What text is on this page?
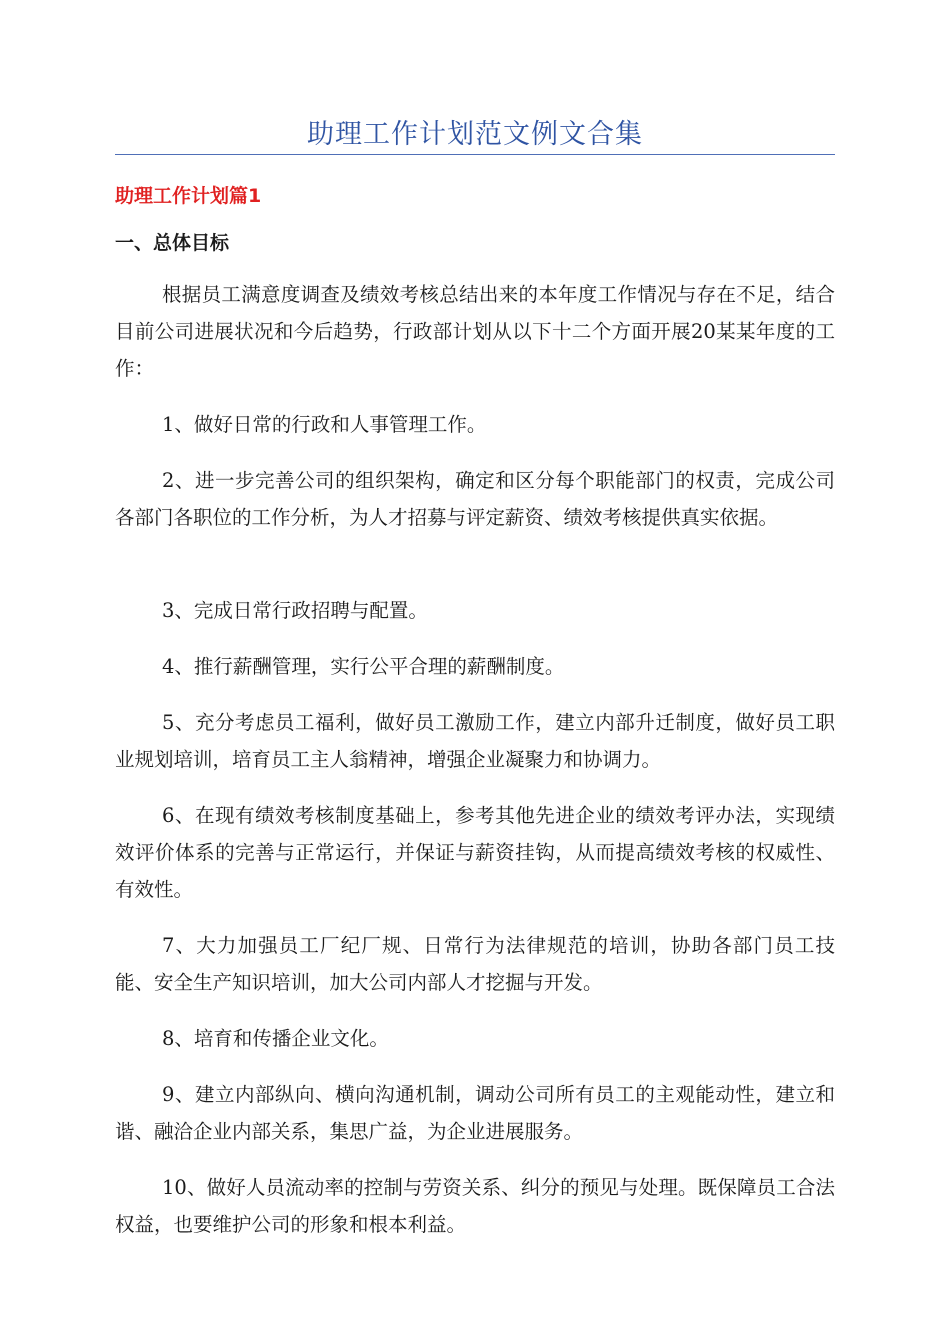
助理工作计划范文例文合集
助理工作计划篇1
一、总体目标

根据员工满意度调查及绩效考核总结出来的本年度工作情况与存在不足，结合目前公司进展状况和今后趋势，行政部计划从以下十二个方面开展20某某年度的工作：

1、做好日常的行政和人事管理工作。

2、进一步完善公司的组织架构，确定和区分每个职能部门的权责，完成公司各部门各职位的工作分析，为人才招募与评定薪资、绩效考核提供真实依据。

3、完成日常行政招聘与配置。

4、推行薪酬管理，实行公平合理的薪酬制度。

5、充分考虑员工福利，做好员工激励工作，建立内部升迁制度，做好员工职业规划培训，培育员工主人翁精神，增强企业凝聚力和协调力。

6、在现有绩效考核制度基础上，参考其他先进企业的绩效考评办法，实现绩效评价体系的完善与正常运行，并保证与薪资挂钩，从而提高绩效考核的权威性、有效性。

7、大力加强员工厂纪厂规、日常行为法律规范的培训，协助各部门员工技能、安全生产知识培训，加大公司内部人才挖掘与开发。

8、培育和传播企业文化。

9、建立内部纵向、横向沟通机制，调动公司所有员工的主观能动性，建立和谐、融洽企业内部关系，集思广益，为企业进展服务。

10、做好人员流动率的控制与劳资关系、纠分的预见与处理。既保障员工合法权益，也要维护公司的形象和根本利益。
